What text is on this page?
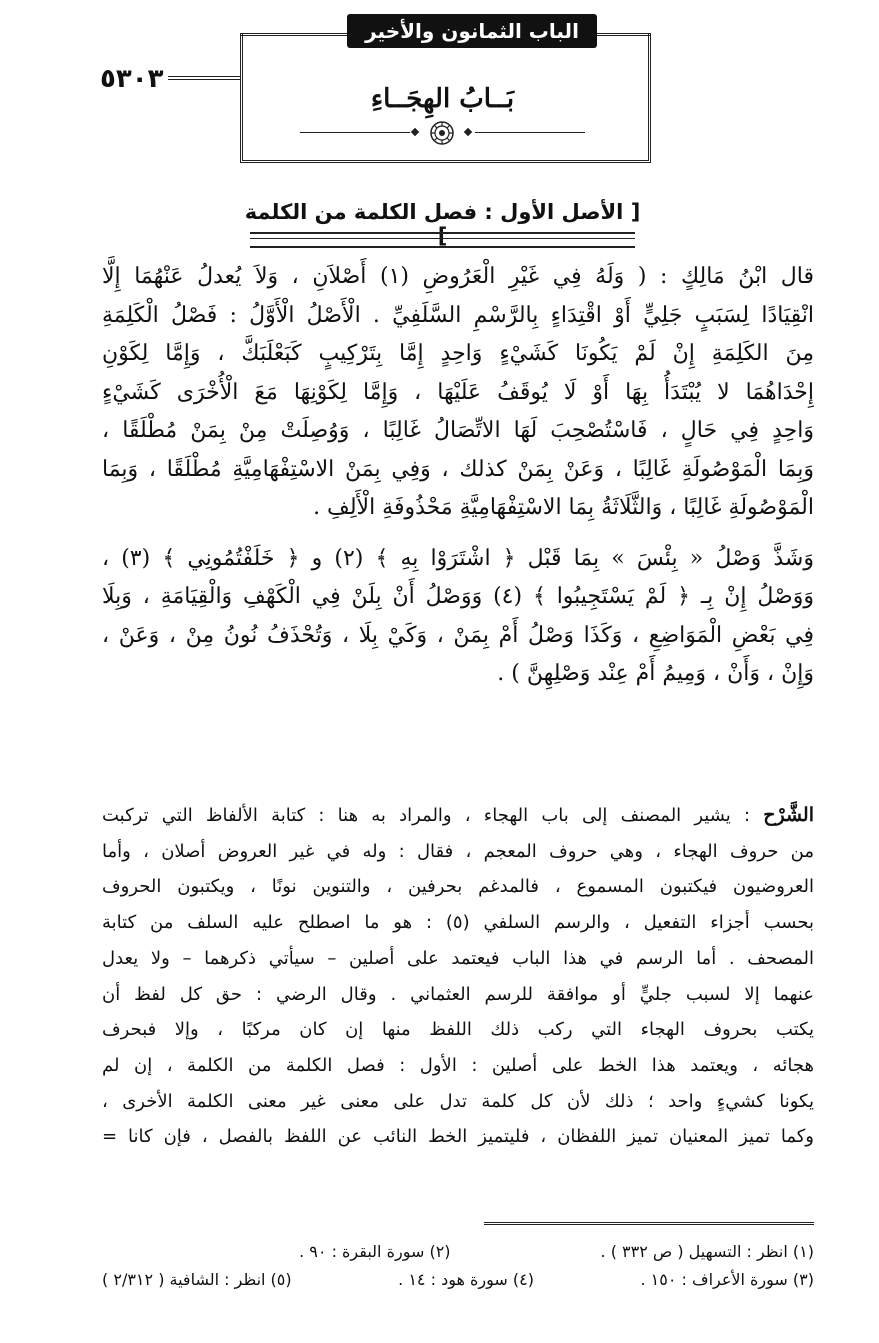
الباب الثمانون والأخير
٥٣٠٣
بَــابُ الهِجَــاءِ
[ الأصل الأول : فصل الكلمة من الكلمة ]
قال ابْنُ مَالِكٍ : ( وَلَهُ فِي غَيْرِ الْعَرُوضِ (١) أَصْلاَنِ ، وَلاَ يُعدلُ عَنْهُمَا إِلَّا
انْقِيَادًا لِسَبَبٍ جَلِيٍّ أَوْ اقْتِدَاءٍ بِالرَّسْمِ السَّلَفِيِّ . الْأَصْلُ الْأَوَّلُ : فَصْلُ الْكَلِمَةِ
مِنَ الكَلِمَةِ إِنْ لَمْ يَكُونَا كَشَيْءٍ وَاحِدٍ إِمَّا بِتَرْكِيبٍ كَبَعْلَبَكَّ ، وَإِمَّا لِكَوْنِ
إِحْدَاهُمَا لا يُبْتَدَأُ بِهَا أَوْ لَا يُوقَفُ عَلَيْهَا ، وَإِمَّا لِكَوْنِهَا مَعَ الْأُخْرَى كَشَيْءٍ
وَاحِدٍ فِي حَالٍ ، فَاسْتُصْحِبَ لَهَا الاتِّصَالُ غَالِبًا ، وَوُصِلَتْ مِنْ بِمَنْ مُطْلَقًا ،
وَبِمَا الْمَوْصُولَةِ غَالِبًا ، وَعَنْ بِمَنْ كذلك ، وَفِي بِمَنْ الاسْتِفْهَامِيَّةِ مُطْلَقًا ، وَبِمَا
الْمَوْصُولَةِ غَالِبًا ، وَالثَّلَاثَةُ بِمَا الاسْتِفْهَامِيَّةِ مَحْذُوفَةِ الْأَلِفِ .
وَشَذَّ وَصْلُ « بِئْسَ » بِمَا قَبْل ﴿ اشْتَرَوْا بِهِ ﴾ (٢) و ﴿ خَلَفْتُمُونِي ﴾ (٣) ،
وَوَصْلُ إِنْ بِـ ﴿ لَمْ يَسْتَجِيبُوا ﴾ (٤) وَوَصْلُ أَنْ بِلَنْ فِي الْكَهْفِ وَالْقِيَامَةِ ، وَبِلَا
فِي بَعْضِ الْمَوَاضِعِ ، وَكَذَا وَصْلُ أَمْ بِمَنْ ، وَكَيْ بِلَا ، وَتُحْذَفُ نُونُ مِنْ ، وَعَنْ ،
وَإِنْ ، وَأَنْ ، وَمِيمُ أَمْ عِنْد وَصْلِهِنَّ ) .
الشَّرْح : يشير المصنف إلى باب الهجاء ، والمراد به هنا : كتابة الألفاظ التي تركبت
من حروف الهجاء ، وهي حروف المعجم ، فقال : وله في غير العروض أصلان ، وأما
العروضيون فيكتبون المسموع ، فالمدغم بحرفين ، والتنوين نونًا ، ويكتبون الحروف
بحسب أجزاء التفعيل ، والرسم السلفي (٥) : هو ما اصطلح عليه السلف من كتابة
المصحف . أما الرسم في هذا الباب فيعتمد على أصلين – سيأتي ذكرهما – ولا يعدل
عنهما إلا لسبب جليٍّ أو موافقة للرسم العثماني . وقال الرضي : حق كل لفظ أن
يكتب بحروف الهجاء التي ركب ذلك اللفظ منها إن كان مركبًا ، وإلا فبحرف
هجائه ، ويعتمد هذا الخط على أصلين : الأول : فصل الكلمة من الكلمة ، إن لم
يكونا كشيءٍ واحد ؛ ذلك لأن كل كلمة تدل على معنى غير معنى الكلمة الأخرى ،
وكما تميز المعنيان تميز اللفظان ، فليتميز الخط النائب عن اللفظ بالفصل ، فإن كانا =
(١) انظر : التسهيل ( ص ٣٣٢ ) .
(٢) سورة البقرة : ٩٠ .
(٣) سورة الأعراف : ١٥٠ .
(٤) سورة هود : ١٤ .
(٥) انظر : الشافية ( ٢/٣١٢ )
